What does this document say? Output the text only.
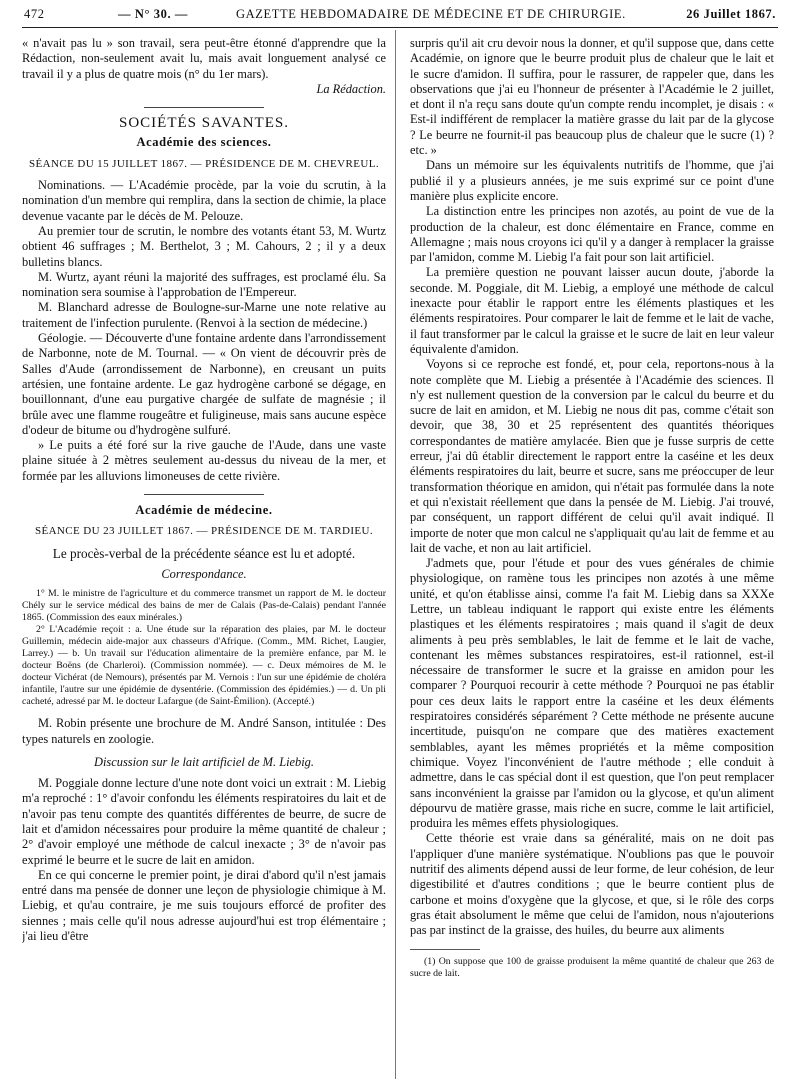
472	— N° 30. —	GAZETTE HEBDOMADAIRE DE MÉDECINE ET DE CHIRURGIE.	26 Juillet 1867.

« n'avait pas lu » son travail, sera peut-être étonné d'apprendre que la Rédaction, non-seulement avait lu, mais avait longuement analysé ce travail il y a plus de quatre mois (n° du 1er mars).

La Rédaction.
SOCIÉTÉS SAVANTES.
Académie des sciences.
SÉANCE DU 15 JUILLET 1867. — PRÉSIDENCE DE M. CHEVREUL.

Nominations. — L'Académie procède, par la voie du scrutin, à la nomination d'un membre qui remplira, dans la section de chimie, la place devenue vacante par le décès de M. Pelouze.

Au premier tour de scrutin, le nombre des votants étant 53, M. Wurtz obtient 46 suffrages ; M. Berthelot, 3 ; M. Cahours, 2 ; il y a deux bulletins blancs.

M. Wurtz, ayant réuni la majorité des suffrages, est proclamé élu. Sa nomination sera soumise à l'approbation de l'Empereur.

M. Blanchard adresse de Boulogne-sur-Marne une note relative au traitement de l'infection purulente. (Renvoi à la section de médecine.)

Géologie. — Découverte d'une fontaine ardente dans l'arrondissement de Narbonne, note de M. Tournal. — « On vient de découvrir près de Salles d'Aude (arrondissement de Narbonne), en creusant un puits artésien, une fontaine ardente. Le gaz hydrogène carboné se dégage, en bouillonnant, d'une eau purgative chargée de sulfate de magnésie ; il brûle avec une flamme rougeâtre et fuligineuse, mais sans aucune espèce d'odeur de bitume ou d'hydrogène sulfuré.

» Le puits a été foré sur la rive gauche de l'Aude, dans une vaste plaine située à 2 mètres seulement au-dessus du niveau de la mer, et formée par les alluvions limoneuses de cette rivière.

Académie de médecine.
SÉANCE DU 23 JUILLET 1867. — PRÉSIDENCE DE M. TARDIEU.

Le procès-verbal de la précédente séance est lu et adopté.

Correspondance.

1° M. le ministre de l'agriculture et du commerce transmet un rapport de M. le docteur Chély sur le service médical des bains de mer de Calais (Pas-de-Calais) pendant l'année 1865. (Commission des eaux minérales.)

2° L'Académie reçoit : a. Une étude sur la réparation des plaies, par M. le docteur Guillemin, médecin aide-major aux chasseurs d'Afrique. (Comm., MM. Richet, Laugier, Larrey.) — b. Un travail sur l'éducation alimentaire de la première enfance, par M. le docteur Boëns (de Charleroi). (Commission nommée). — c. Deux mémoires de M. le docteur Vichérat (de Nemours), présentés par M. Vernois : l'un sur une épidémie de choléra infantile, l'autre sur une épidémie de dysentérie. (Commission des épidémies.) — d. Un pli cacheté, adressé par M. le docteur Lafargue (de Saint-Émilion). (Accepté.)

M. Robin présente une brochure de M. André Sanson, intitulée : Des types naturels en zoologie.

Discussion sur le lait artificiel de M. Liebig.

M. Poggiale donne lecture d'une note dont voici un extrait : M. Liebig m'a reproché : 1° d'avoir confondu les éléments respiratoires du lait et de n'avoir pas tenu compte des quantités différentes de beurre, de sucre de lait et d'amidon nécessaires pour produire la même quantité de chaleur ; 2° d'avoir employé une méthode de calcul inexacte ; 3° de n'avoir pas exprimé le beurre et le sucre de lait en amidon.

En ce qui concerne le premier point, je dirai d'abord qu'il n'est jamais entré dans ma pensée de donner une leçon de physiologie chimique à M. Liebig, et qu'au contraire, je me suis toujours efforcé de profiter des siennes ; mais celle qu'il nous adresse aujourd'hui est trop élémentaire ; j'ai lieu d'être

surpris qu'il ait cru devoir nous la donner, et qu'il suppose que, dans cette Académie, on ignore que le beurre produit plus de chaleur que le lait et le sucre d'amidon. Il suffira, pour le rassurer, de rappeler que, dans les observations que j'ai eu l'honneur de présenter à l'Académie le 2 juillet, et dont il n'a reçu sans doute qu'un compte rendu incomplet, je disais : « Est-il indifférent de remplacer la matière grasse du lait par de la glycose ? Le beurre ne fournit-il pas beaucoup plus de chaleur que le sucre (1) ? etc. »

Dans un mémoire sur les équivalents nutritifs de l'homme, que j'ai publié il y a plusieurs années, je me suis exprimé sur ce point d'une manière plus explicite encore.

La distinction entre les principes non azotés, au point de vue de la production de la chaleur, est donc élémentaire en France, comme en Allemagne ; mais nous croyons ici qu'il y a danger à remplacer la graisse par l'amidon, comme M. Liebig l'a fait pour son lait artificiel.

La première question ne pouvant laisser aucun doute, j'aborde la seconde. M. Poggiale, dit M. Liebig, a employé une méthode de calcul inexacte pour établir le rapport entre les éléments plastiques et les éléments respiratoires. Pour comparer le lait de femme et le lait de vache, il faut transformer par le calcul la graisse et le sucre de lait en leur valeur équivalente d'amidon.

Voyons si ce reproche est fondé, et, pour cela, reportons-nous à la note complète que M. Liebig a présentée à l'Académie des sciences. Il n'y est nullement question de la conversion par le calcul du beurre et du sucre de lait en amidon, et M. Liebig ne nous dit pas, comme c'était son devoir, que 38, 30 et 25 représentent des quantités théoriques correspondantes de matière amylacée. Bien que je fusse surpris de cette erreur, j'ai dû établir directement le rapport entre la caséine et les deux éléments respiratoires du lait, beurre et sucre, sans me préoccuper de leur transformation théorique en amidon, qui n'était pas formulée dans la note et qui n'existait réellement que dans la pensée de M. Liebig. J'ai trouvé, par conséquent, un rapport différent de celui qu'il avait indiqué. Il importe de noter que mon calcul ne s'appliquait qu'au lait de femme et au lait de vache, et non au lait artificiel.

J'admets que, pour l'étude et pour des vues générales de chimie physiologique, on ramène tous les principes non azotés à une même unité, et qu'on établisse ainsi, comme l'a fait M. Liebig dans sa XXXe Lettre, un tableau indiquant le rapport qui existe entre les éléments plastiques et les éléments respiratoires ; mais quand il s'agit de deux aliments à peu près semblables, le lait de femme et le lait de vache, contenant les mêmes substances respiratoires, est-il rationnel, est-il nécessaire de transformer le sucre et la graisse en amidon pour les comparer ? Pourquoi recourir à cette méthode ? Pourquoi ne pas établir pour ces deux laits le rapport entre la caséine et les deux éléments respiratoires considérés séparément ? Cette méthode ne présente aucune incertitude, puisqu'on ne compare que des matières exactement semblables, ayant les mêmes propriétés et la même composition chimique. Voyez l'inconvénient de l'autre méthode ; elle conduit à admettre, dans le cas spécial dont il est question, que l'on peut remplacer sans inconvénient la graisse par l'amidon ou la glycose, et qu'un aliment dépourvu de matière grasse, mais riche en sucre, comme le lait artificiel, produira les mêmes effets physiologiques.

Cette théorie est vraie dans sa généralité, mais on ne doit pas l'appliquer d'une manière systématique. N'oublions pas que le pouvoir nutritif des aliments dépend aussi de leur forme, de leur cohésion, de leur digestibilité et d'autres conditions ; que le beurre contient plus de carbone et moins d'oxygène que la glycose, et que, si le rôle des corps gras était absolument le même que celui de l'amidon, nous n'ajouterions pas par instinct de la graisse, des huiles, du beurre aux aliments

(1) On suppose que 100 de graisse produisent la même quantité de chaleur que 263 de sucre de lait.
